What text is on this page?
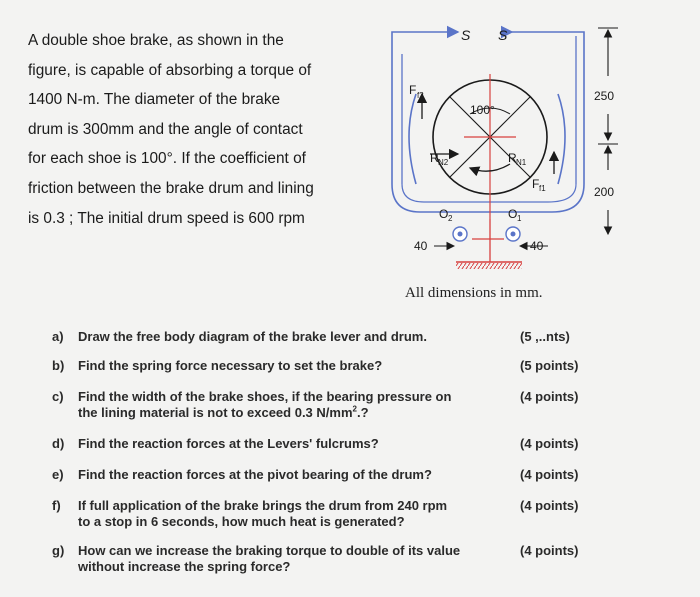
A double shoe brake, as shown in the
figure, is capable of absorbing a torque of
1400 N-m. The diameter of the brake
drum is 300mm and the angle of contact
for each shoe is 100°. If the coefficient of
friction between the brake drum and lining
is 0.3 ; The initial drum speed is 600 rpm
S S
F f2
100°
R N2	R N1
F f1
O 2	O 1
250
200
40	40
All dimensions in mm.
a) Draw the free body diagram of the brake lever and drum.	(5 ,..nts)
b) Find the spring force necessary to set the brake?	(5 points)
c) Find the width of the brake shoes, if the bearing pressure on
the lining material is not to exceed 0.3 $N/mm^2$.?
(4 points)
d) Find the reaction forces at the Levers' fulcrums?	(4 points)
e) Find the reaction forces at the pivot bearing of the drum?	(4 points)
f) If full application of the brake brings the drum from 240 rpm
to a stop in 6 seconds, how much heat is generated?
(4 points)
g) How can we increase the braking torque to double of its value
without increase the spring force?
(4 points)
